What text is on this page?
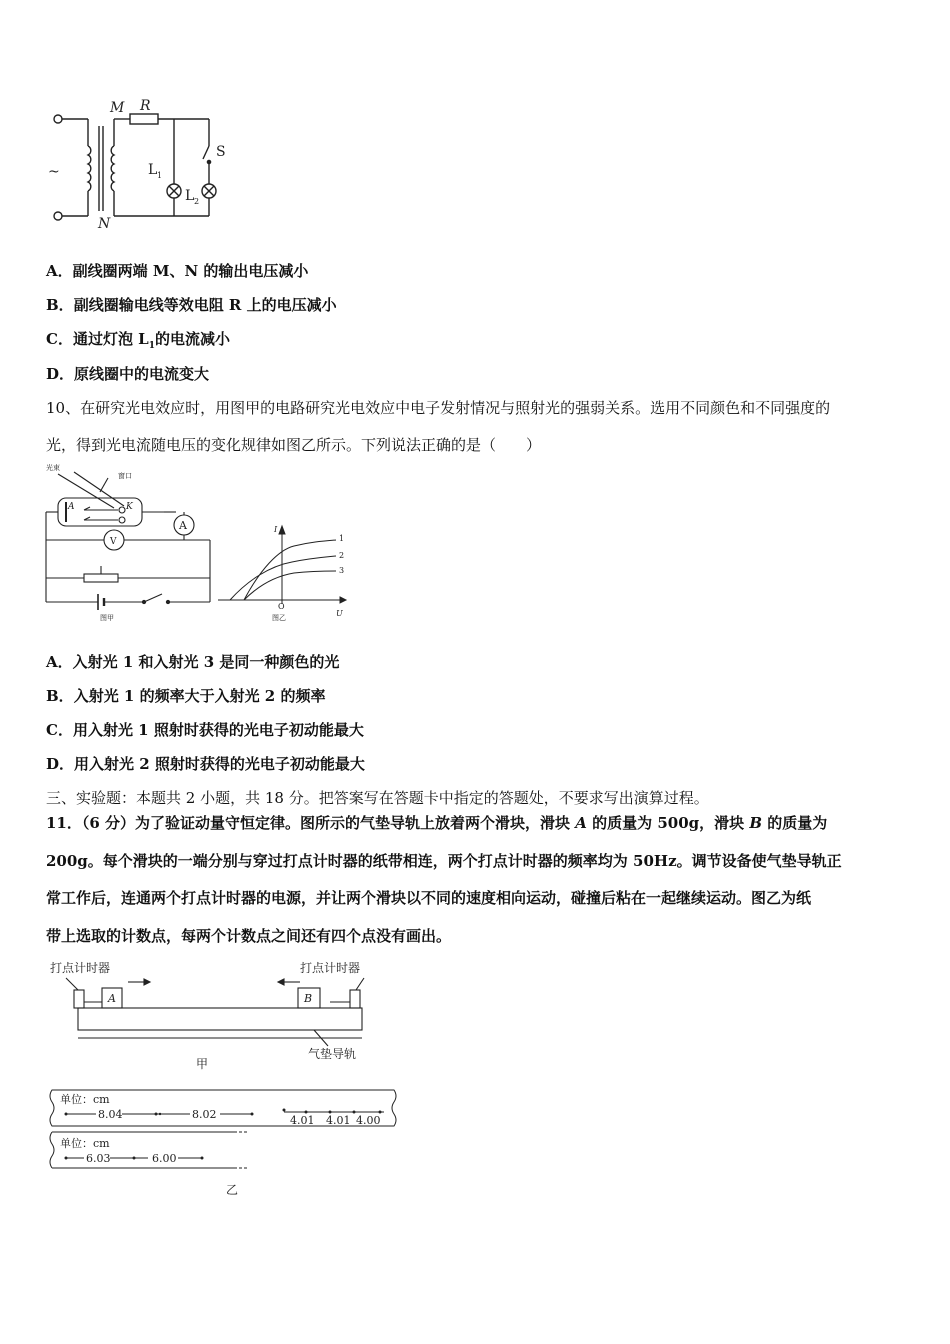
M R
N
S
L 1
L 2
~
A．副线圈两端 M、N 的输出电压减小
B．副线圈输电线等效电阻 R 上的电压减小
C．通过灯泡 $L_1$的电流减小
D．原线圈中的电流变大
10、在研究光电效应时，用图甲的电路研究光电效应中电子发射情况与照射光的强弱关系。选用不同颜色和不同强度的
光，得到光电流随电压的变化规律如图乙所示。下列说法正确的是（　　）
光束
窗口
图甲
A	K
A
V
I
U
1
2
3
O
图乙
A．入射光 1 和入射光 3 是同一种颜色的光
B．入射光 1 的频率大于入射光 2 的频率
C．用入射光 1 照射时获得的光电子初动能最大
D．用入射光 2 照射时获得的光电子初动能最大
三、实验题：本题共 2 小题，共 18 分。把答案写在答题卡中指定的答题处，不要求写出演算过程。
11．（6 分）为了验证动量守恒定律。图所示的气垫导轨上放着两个滑块，滑块 A 的质量为 500g，滑块 B 的质量为
200g。每个滑块的一端分别与穿过打点计时器的纸带相连，两个打点计时器的频率均为 50Hz。调节设备使气垫导轨正
常工作后，连通两个打点计时器的电源，并让两个滑块以不同的速度相向运动，碰撞后粘在一起继续运动。图乙为纸
带上选取的计数点，每两个计数点之间还有四个点没有画出。
打点计时器	打点计时器
气垫导轨
甲
A	B
单位：cm
8.04	8.02	4.01 4.01 4.00
单位：cm
6.03	6.00
乙
